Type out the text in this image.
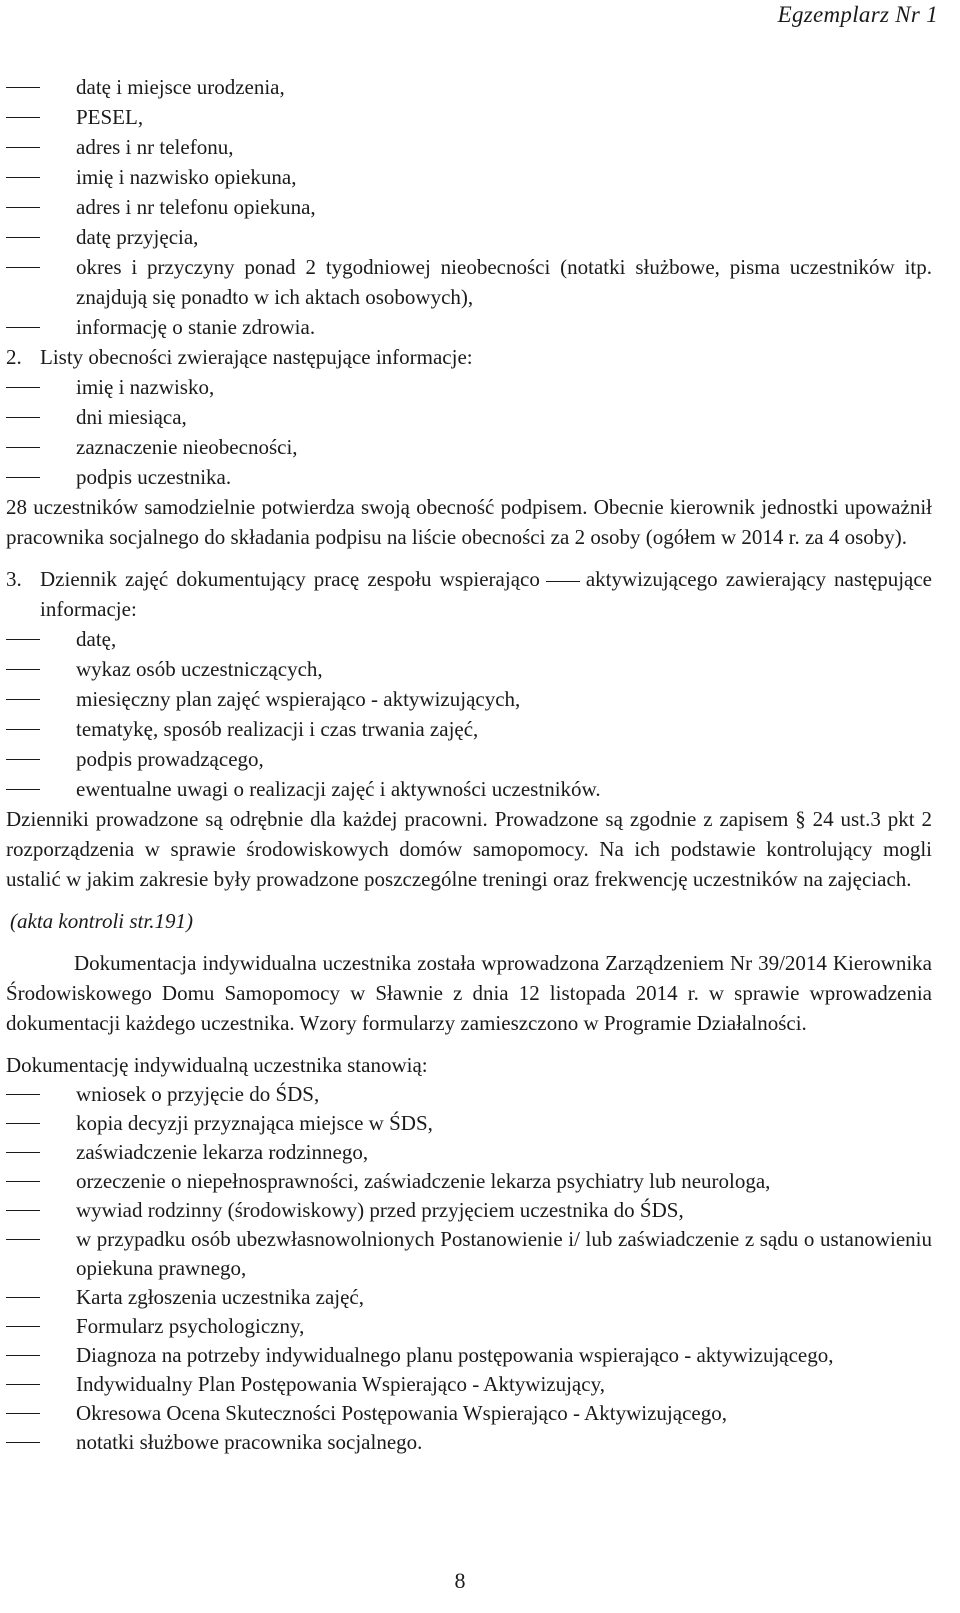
Egzemplarz Nr 1
datę i miejsce urodzenia,
PESEL,
adres i nr telefonu,
imię i nazwisko opiekuna,
adres i nr telefonu opiekuna,
datę przyjęcia,
okres i przyczyny ponad 2 tygodniowej nieobecności (notatki służbowe, pisma uczestników itp. znajdują się ponadto w ich aktach osobowych),
informację o stanie zdrowia.
2. Listy obecności zwierające następujące informacje:
imię i nazwisko,
dni miesiąca,
zaznaczenie nieobecności,
podpis uczestnika.
28 uczestników samodzielnie potwierdza swoją obecność podpisem. Obecnie kierownik jednostki upoważnił pracownika socjalnego do składania podpisu na liście obecności za 2 osoby (ogółem w 2014 r. za 4 osoby).
3. Dziennik zajęć dokumentujący pracę zespołu wspierająco aktywizującego zawierający następujące informacje:
datę,
wykaz osób uczestniczących,
miesięczny plan zajęć wspierająco - aktywizujących,
tematykę, sposób realizacji i czas trwania zajęć,
podpis prowadzącego,
ewentualne uwagi o realizacji zajęć i aktywności uczestników.
Dzienniki prowadzone są odrębnie dla każdej pracowni. Prowadzone są zgodnie z zapisem § 24 ust.3 pkt 2 rozporządzenia w sprawie środowiskowych domów samopomocy. Na ich podstawie kontrolujący mogli ustalić w jakim zakresie były prowadzone poszczególne treningi oraz frekwencję uczestników na zajęciach.
(akta kontroli str.191)
Dokumentacja indywidualna uczestnika została wprowadzona Zarządzeniem Nr 39/2014 Kierownika Środowiskowego Domu Samopomocy w Sławnie z dnia 12 listopada 2014 r. w sprawie wprowadzenia dokumentacji każdego uczestnika. Wzory formularzy zamieszczono w Programie Działalności.
Dokumentację indywidualną uczestnika stanowią:
wniosek o przyjęcie do ŚDS,
kopia decyzji przyznająca miejsce w ŚDS,
zaświadczenie lekarza rodzinnego,
orzeczenie o niepełnosprawności, zaświadczenie lekarza psychiatry lub neurologa,
wywiad rodzinny (środowiskowy) przed przyjęciem uczestnika do ŚDS,
w przypadku osób ubezwłasnowolnionych Postanowienie i/ lub zaświadczenie z sądu o ustanowieniu opiekuna prawnego,
Karta zgłoszenia uczestnika zajęć,
Formularz psychologiczny,
Diagnoza na potrzeby indywidualnego planu postępowania wspierająco - aktywizującego,
Indywidualny Plan Postępowania Wspierająco - Aktywizujący,
Okresowa Ocena Skuteczności Postępowania Wspierająco - Aktywizującego,
notatki służbowe pracownika socjalnego.
8
